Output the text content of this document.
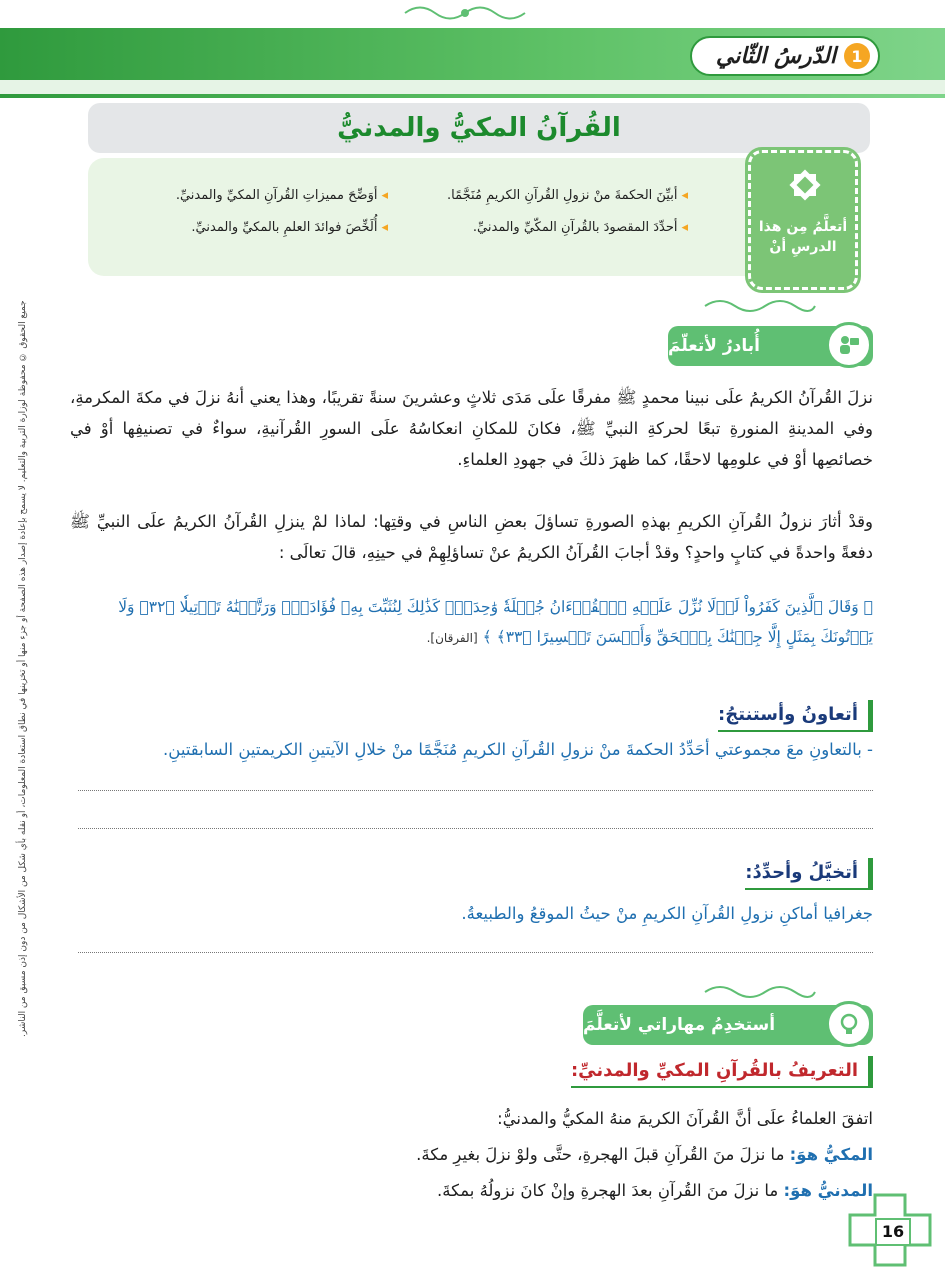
الدّرسُ الثّاني 1
القُرآنُ المكيُّ والمدنيُّ
◂أبيِّنَ الحكمةَ منْ نزولِ القُرآنِ الكريمِ مُنَجَّمًا.
◂أوَضِّحَ مميزاتِ القُرآنِ المكيِّ والمدنيِّ.
◂أحدِّدَ المقصودَ بالقُرآنِ المكّيِّ والمدنيِّ.
◂أُلَخِّصَ فوائدَ العلمِ بالمكيِّ والمدنيِّ.	أتعلَّمُ مِن هذا الدرسِ أنْ
جميع الحقوق © محفوظة لوزارة التربية والتعليم. لا يسمح بإعادة إصدار هذه الصفحة أو جزء منها أو تخزينها في نطاق استعادة المعلومات، أو نقله بأي شكل من الأشكال من دون إذن مسبق من الناشر.	أُبادرُ لأتعلّمَ

نزلَ القُرآنُ الكريمُ علَى نبينا محمدٍ ﷺ مفرقًا علَى مَدَى ثلاثٍ وعشرينَ سنةً تقريبًا، وهذا يعني أنهُ نزلَ في مكةَ المكرمةِ، وفي المدينةِ المنورةِ تبعًا لحركةِ النبيِّ ﷺ، فكانَ للمكانِ انعكاسُهُ علَى السورِ القُرآنيةِ، سواءٌ في تصنيفِها أوْ في خصائصِها أوْ في علومِها لاحقًا، كما ظهرَ ذلكَ في جهودِ العلماءِ.

وقدْ أثارَ نزولُ القُرآنِ الكريمِ بهذهِ الصورةِ تساؤلَ بعضِ الناسِ في وقتِها: لماذا لمْ ينزلِ القُرآنُ الكريمُ علَى النبيِّ ﷺ دفعةً واحدةً في كتابٍ واحدٍ؟ وقدْ أجابَ القُرآنُ الكريمُ عنْ تساؤلِهِمْ في حينِهِ، قالَ تعالَى :

﴿ وَقَالَ ٱلَّذِينَ كَفَرُواْ لَوۡلَا نُزِّلَ عَلَيۡهِ ٱلۡقُرۡءَانُ جُمۡلَةٗ وَٰحِدَةٗۚ كَذَٰلِكَ لِنُثَبِّتَ بِهِۦ فُؤَادَكَۖ وَرَتَّلۡنَٰهُ تَرۡتِيلٗا ﴿٣٢﴾ وَلَا يَأۡتُونَكَ بِمَثَلٍ إِلَّا جِئۡنَٰكَ بِٱلۡحَقِّ وَأَحۡسَنَ تَفۡسِيرًا ﴿٣٣﴾ ﴾ [الفرقان].
أتعاونُ وأستنتجُ:
- بالتعاونِ معَ مجموعتي أحَدِّدُ الحكمةَ منْ نزولِ القُرآنِ الكريمِ مُنَجَّمًا منْ خلالِ الآيتينِ الكريمتينِ السابقتينِ.
أتخيَّلُ وأحدِّدُ:
جغرافيا أماكنِ نزولِ القُرآنِ الكريمِ منْ حيثُ الموقعُ والطبيعةُ.
أستخدِمُ مهاراتي لأتعلَّمَ
التعريفُ بالقُرآنِ المكيِّ والمدنيِّ:
اتفقَ العلماءُ علَى أنَّ القُرآنَ الكريمَ منهُ المكيُّ والمدنيُّ:
المكيُّ هوَ: ما نزلَ منَ القُرآنِ قبلَ الهجرةِ، حتَّى ولوْ نزلَ بغيرِ مكةَ.
المدنيُّ هوَ: ما نزلَ منَ القُرآنِ بعدَ الهجرةِ وإنْ كانَ نزولُهُ بمكةَ.
16
